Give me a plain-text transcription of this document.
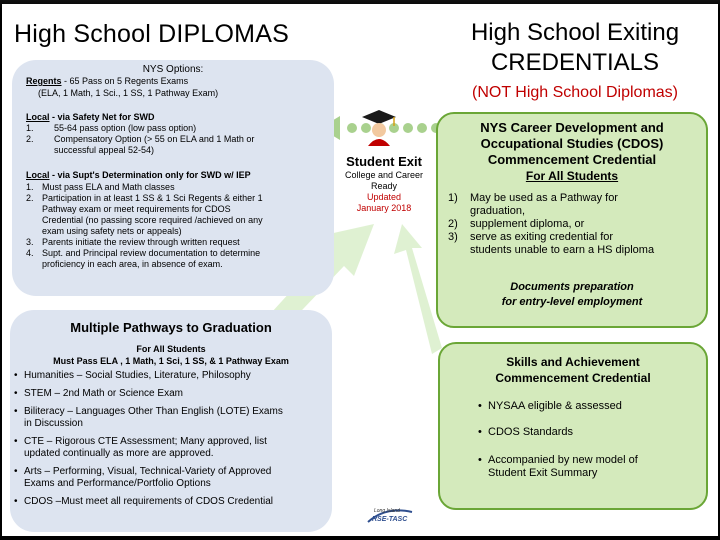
High School DIPLOMAS	High School Exiting
CREDENTIALS
(NOT High School Diplomas)
NYS Options:
Regents - 65 Pass on 5 Regents Exams
(ELA, 1 Math, 1 Sci., 1 SS, 1 Pathway Exam)
Local - via Safety Net for SWD
1. 55-64 pass option (low pass option)
2. Compensatory Option (> 55 on ELA and 1 Math or
successful appeal 52-54)
Local - via Supt's Determination only for SWD w/ IEP
1. Must pass ELA and Math classes
2. Participation in at least 1 SS & 1 Sci Regents & either 1
Pathway exam or meet requirements for CDOS
Credential (no passing score required /achieved on any
exam using safety nets or appeals)
3. Parents initiate the review through written request
4. Supt. and Principal review documentation to determine
proficiency in each area, in absence of exam.
Multiple Pathways to Graduation
For All Students
Must Pass ELA , 1 Math, 1 Sci, 1 SS, & 1 Pathway Exam
• Humanities – Social Studies, Literature, Philosophy
• STEM – 2nd Math or Science Exam
• Biliteracy – Languages Other Than English (LOTE) Exams
in Discussion
• CTE – Rigorous CTE Assessment; Many approved, list
updated continually as more are approved.
• Arts – Performing, Visual, Technical-Variety of Approved
Exams and Performance/Portfolio Options
• CDOS –Must meet all requirements of CDOS Credential
Student Exit
College and Career
Ready
Updated
January 2018
NYS Career Development and
Occupational Studies (CDOS)
Commencement Credential
For All Students
1) May be used as a Pathway for
graduation,
2) supplement diploma, or
3) serve as exiting credential for
students unable to earn a HS diploma
Documents preparation
for entry-level employment
Skills and Achievement
Commencement Credential
• NYSAA eligible & assessed
• CDOS Standards
• Accompanied by new model of
Student Exit Summary
Long Island
RSE-TASC
